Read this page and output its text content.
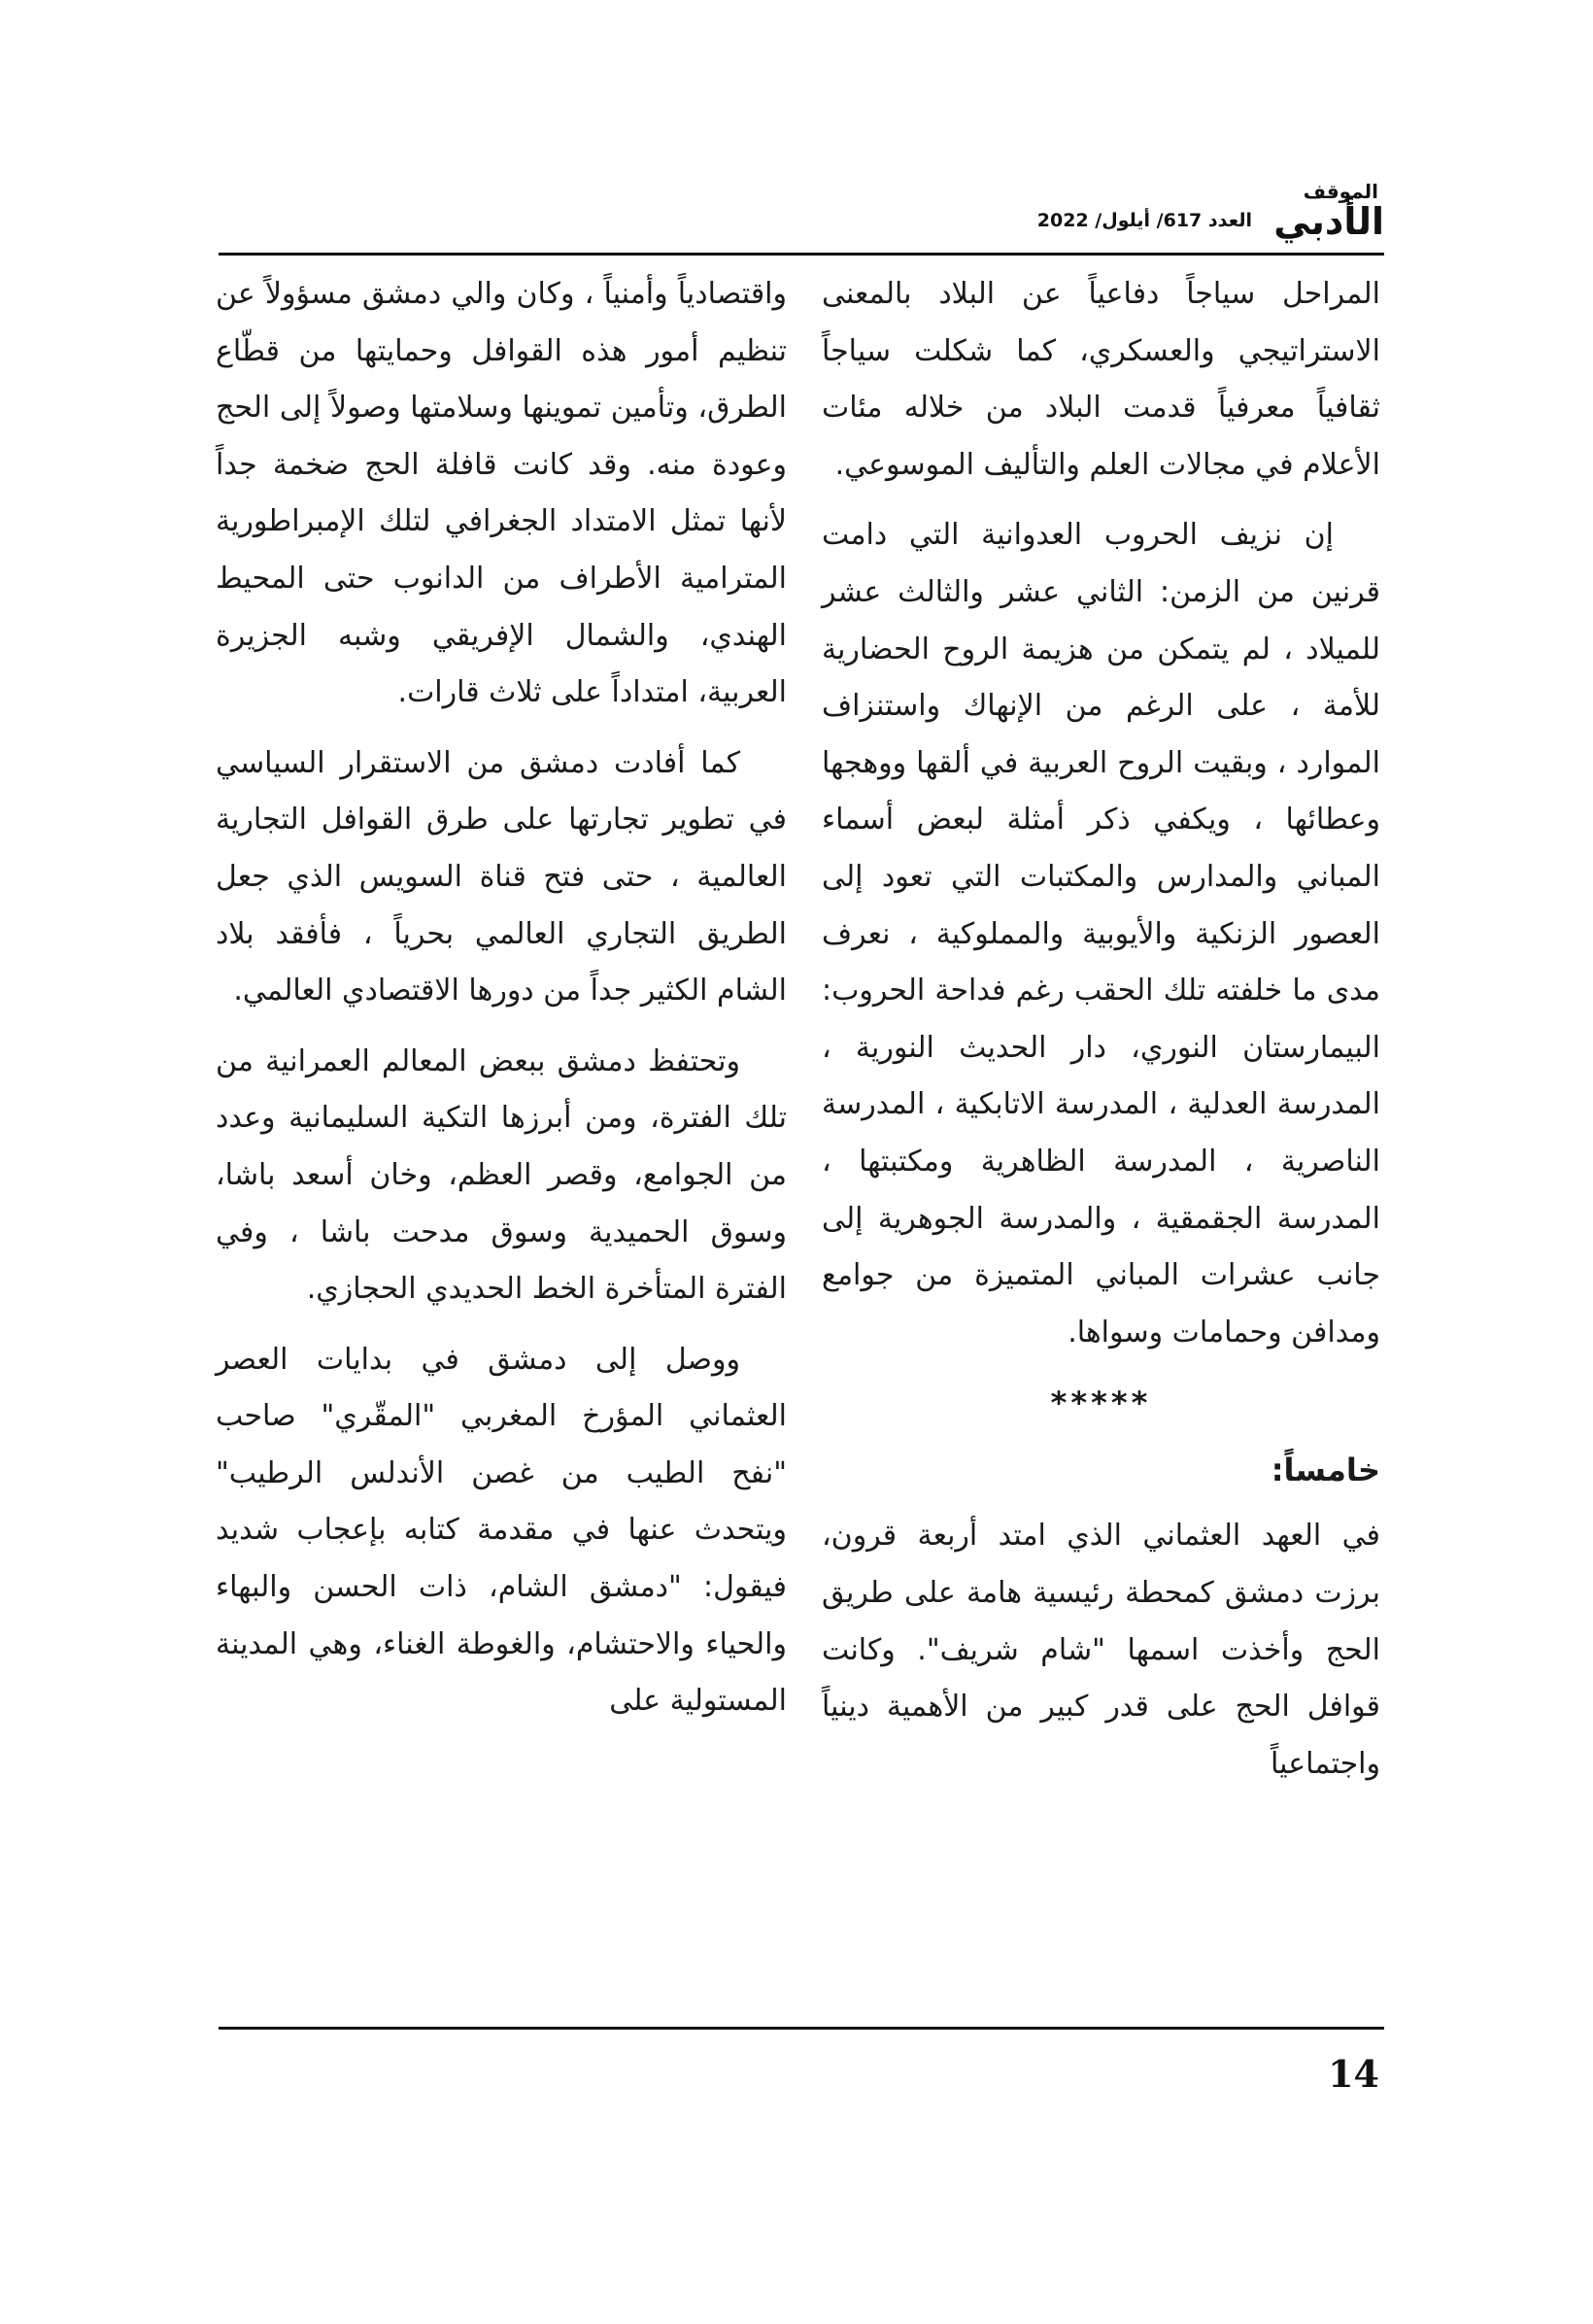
الموقف
الأدبي
العدد 617/ أيلول/ 2022

المراحل سياجاً دفاعياً عن البلاد بالمعنى الاستراتيجي والعسكري، كما شكلت سياجاً ثقافياً معرفياً قدمت البلاد من خلاله مئات الأعلام في مجالات العلم والتأليف الموسوعي.

إن نزيف الحروب العدوانية التي دامت قرنين من الزمن: الثاني عشر والثالث عشر للميلاد ، لم يتمكن من هزيمة الروح الحضارية للأمة ، على الرغم من الإنهاك واستنزاف الموارد ، وبقيت الروح العربية في ألقها ووهجها وعطائها ، ويكفي ذكر أمثلة لبعض أسماء المباني والمدارس والمكتبات التي تعود إلى العصور الزنكية والأيوبية والمملوكية ، نعرف مدى ما خلفته تلك الحقب رغم فداحة الحروب: البيمارستان النوري، دار الحديث النورية ، المدرسة العدلية ، المدرسة الاتابكية ، المدرسة الناصرية ، المدرسة الظاهرية ومكتبتها ، المدرسة الجقمقية ، والمدرسة الجوهرية إلى جانب عشرات المباني المتميزة من جوامع ومدافن وحمامات وسواها.

*****
خامساً:

في العهد العثماني الذي امتد أربعة قرون، برزت دمشق كمحطة رئيسية هامة على طريق الحج وأخذت اسمها "شام شريف". وكانت قوافل الحج على قدر كبير من الأهمية دينياً واجتماعياً

واقتصادياً وأمنياً ، وكان والي دمشق مسؤولاً عن تنظيم أمور هذه القوافل وحمايتها من قطّاع الطرق، وتأمين تموينها وسلامتها وصولاً إلى الحج وعودة منه. وقد كانت قافلة الحج ضخمة جداً لأنها تمثل الامتداد الجغرافي لتلك الإمبراطورية المترامية الأطراف من الدانوب حتى المحيط الهندي، والشمال الإفريقي وشبه الجزيرة العربية، امتداداً على ثلاث قارات.

كما أفادت دمشق من الاستقرار السياسي في تطوير تجارتها على طرق القوافل التجارية العالمية ، حتى فتح قناة السويس الذي جعل الطريق التجاري العالمي بحرياً ، فأفقد بلاد الشام الكثير جداً من دورها الاقتصادي العالمي.

وتحتفظ دمشق ببعض المعالم العمرانية من تلك الفترة، ومن أبرزها التكية السليمانية وعدد من الجوامع، وقصر العظم، وخان أسعد باشا، وسوق الحميدية وسوق مدحت باشا ، وفي الفترة المتأخرة الخط الحديدي الحجازي.

ووصل إلى دمشق في بدايات العصر العثماني المؤرخ المغربي "المقّري" صاحب "نفح الطيب من غصن الأندلس الرطيب" ويتحدث عنها في مقدمة كتابه بإعجاب شديد فيقول: "دمشق الشام، ذات الحسن والبهاء والحياء والاحتشام، والغوطة الغناء، وهي المدينة المستولية على

14
